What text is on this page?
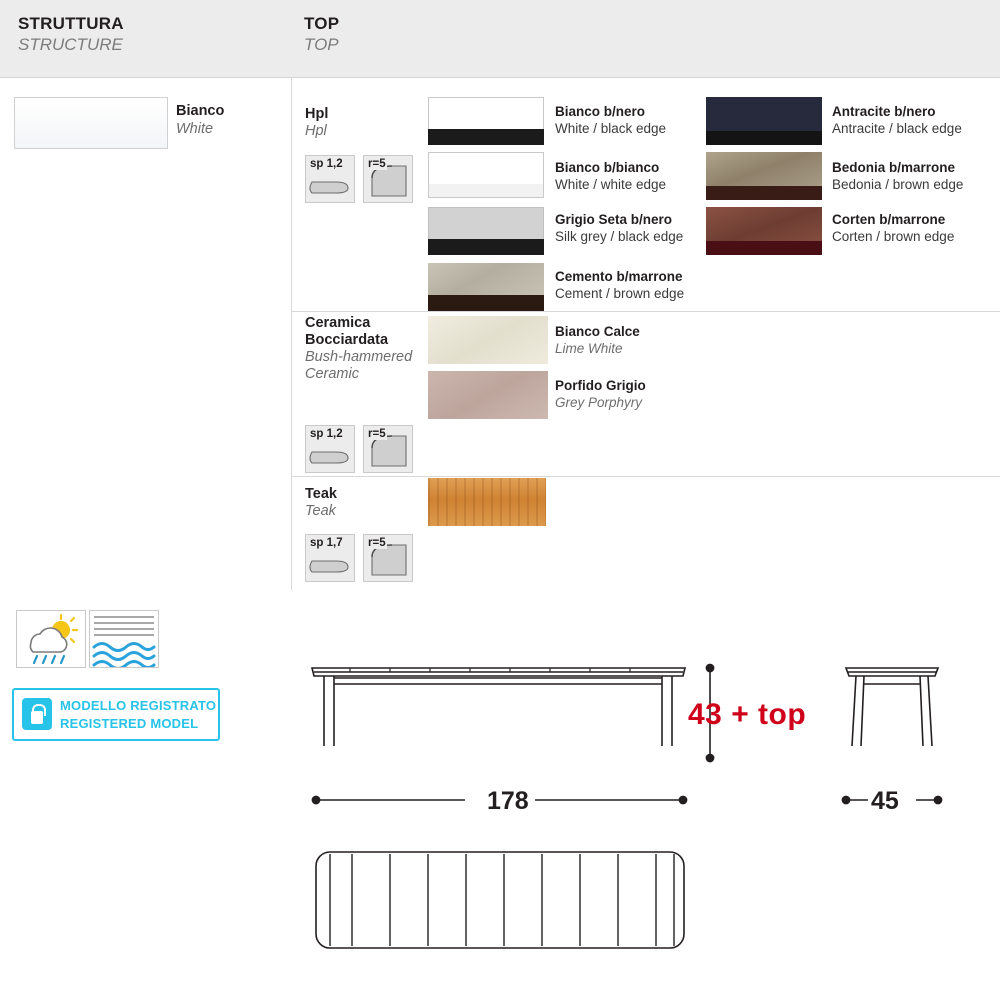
STRUTTURA
STRUCTURE
TOP
TOP
Bianco
White
Hpl
Hpl
sp 1,2 r=5
Bianco b/nero
White / black edge
Bianco b/bianco
White / white edge
Grigio Seta b/nero
Silk grey / black edge
Cemento b/marrone
Cement / brown edge
Antracite b/nero
Antracite / black edge
Bedonia b/marrone
Bedonia / brown edge
Corten b/marrone
Corten / brown edge
Ceramica Bocciardata
Bush-hammered Ceramic
sp 1,2 r=5
Bianco Calce
Lime White
Porfido Grigio
Grey Porphyry
Teak
Teak
sp 1,7 r=5
MODELLO REGISTRATO
REGISTERED MODEL	43 + top
178	45
